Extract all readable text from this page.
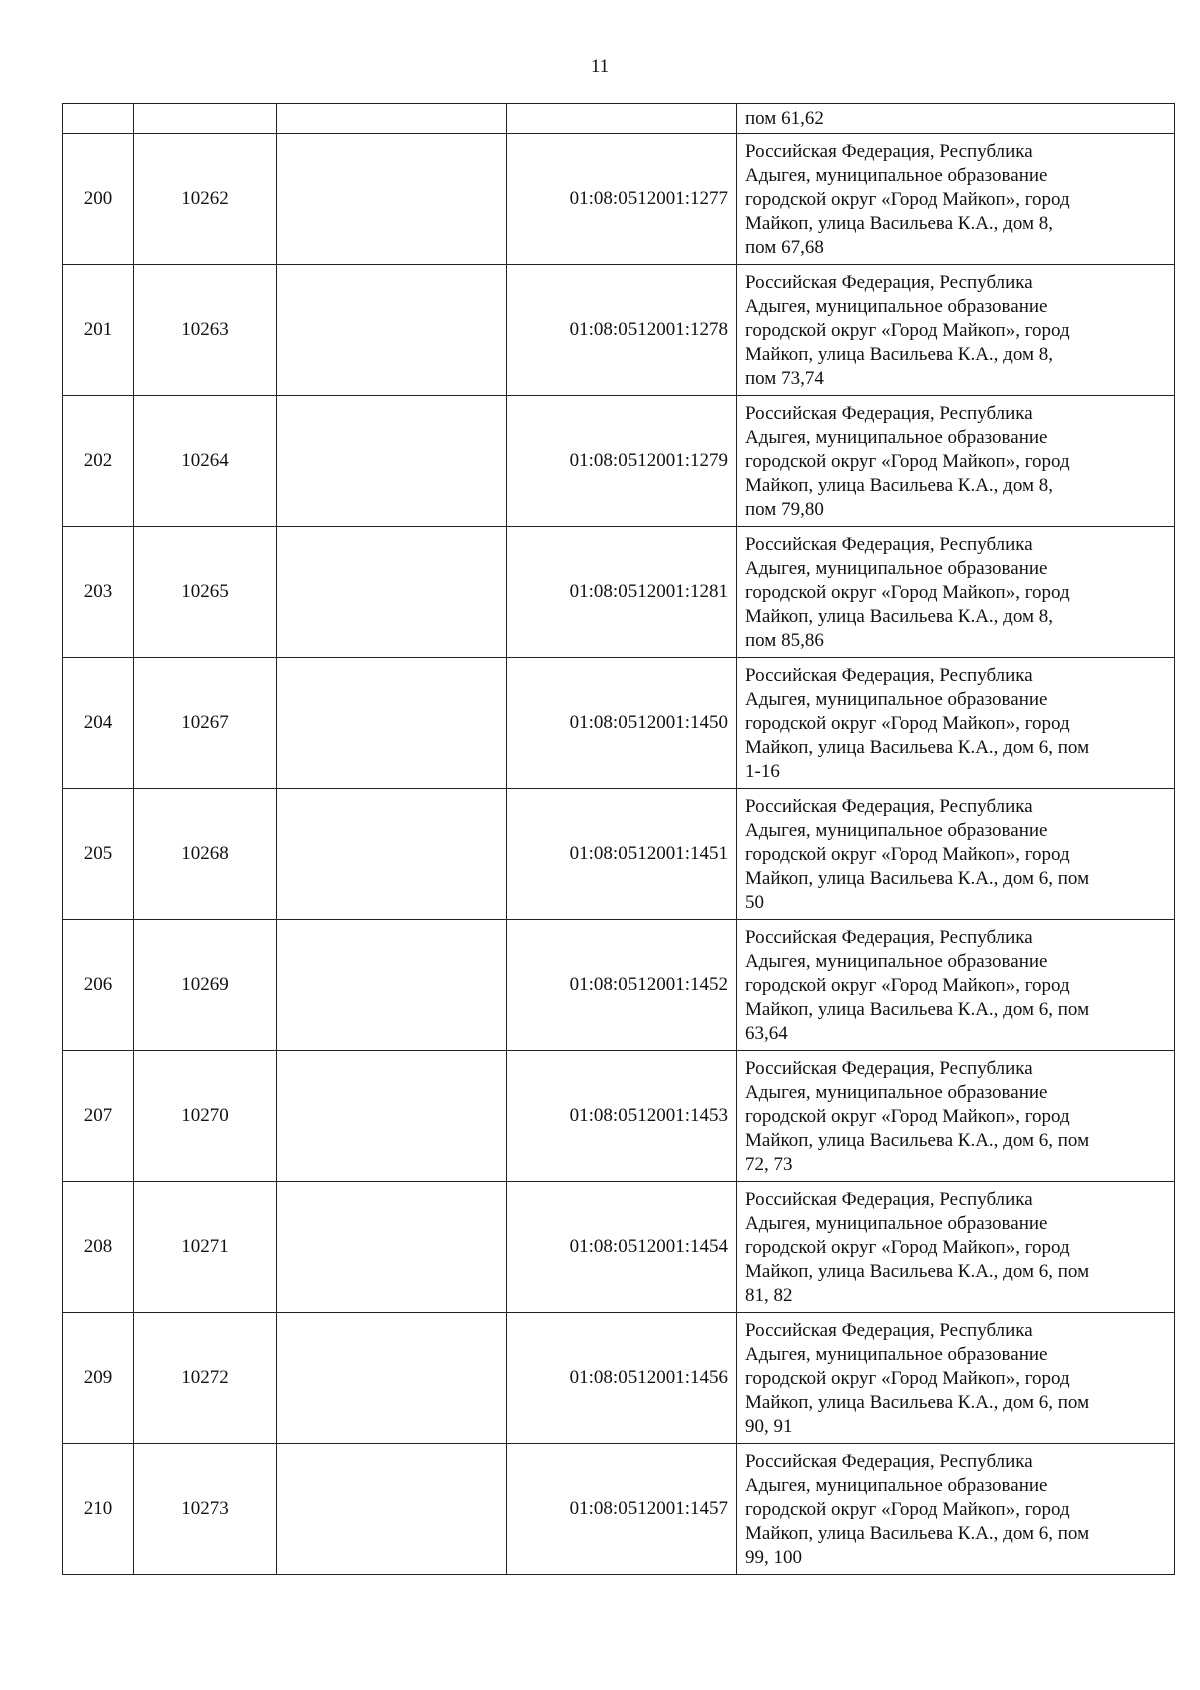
11
				пом 61,62
200	10262		01:08:0512001:1277	Российская Федерация, Республика
Адыгея, муниципальное образование
городской округ «Город Майкоп», город
Майкоп, улица Васильева К.А., дом 8,
пом 67,68
201	10263		01:08:0512001:1278	Российская Федерация, Республика
Адыгея, муниципальное образование
городской округ «Город Майкоп», город
Майкоп, улица Васильева К.А., дом 8,
пом 73,74
202	10264		01:08:0512001:1279	Российская Федерация, Республика
Адыгея, муниципальное образование
городской округ «Город Майкоп», город
Майкоп, улица Васильева К.А., дом 8,
пом 79,80
203	10265		01:08:0512001:1281	Российская Федерация, Республика
Адыгея, муниципальное образование
городской округ «Город Майкоп», город
Майкоп, улица Васильева К.А., дом 8,
пом 85,86
204	10267		01:08:0512001:1450	Российская Федерация, Республика
Адыгея, муниципальное образование
городской округ «Город Майкоп», город
Майкоп, улица Васильева К.А., дом 6, пом
1-16
205	10268		01:08:0512001:1451	Российская Федерация, Республика
Адыгея, муниципальное образование
городской округ «Город Майкоп», город
Майкоп, улица Васильева К.А., дом 6, пом
50
206	10269		01:08:0512001:1452	Российская Федерация, Республика
Адыгея, муниципальное образование
городской округ «Город Майкоп», город
Майкоп, улица Васильева К.А., дом 6, пом
63,64
207	10270		01:08:0512001:1453	Российская Федерация, Республика
Адыгея, муниципальное образование
городской округ «Город Майкоп», город
Майкоп, улица Васильева К.А., дом 6, пом
72, 73
208	10271		01:08:0512001:1454	Российская Федерация, Республика
Адыгея, муниципальное образование
городской округ «Город Майкоп», город
Майкоп, улица Васильева К.А., дом 6, пом
81, 82
209	10272		01:08:0512001:1456	Российская Федерация, Республика
Адыгея, муниципальное образование
городской округ «Город Майкоп», город
Майкоп, улица Васильева К.А., дом 6, пом
90, 91
210	10273		01:08:0512001:1457	Российская Федерация, Республика
Адыгея, муниципальное образование
городской округ «Город Майкоп», город
Майкоп, улица Васильева К.А., дом 6, пом
99, 100
